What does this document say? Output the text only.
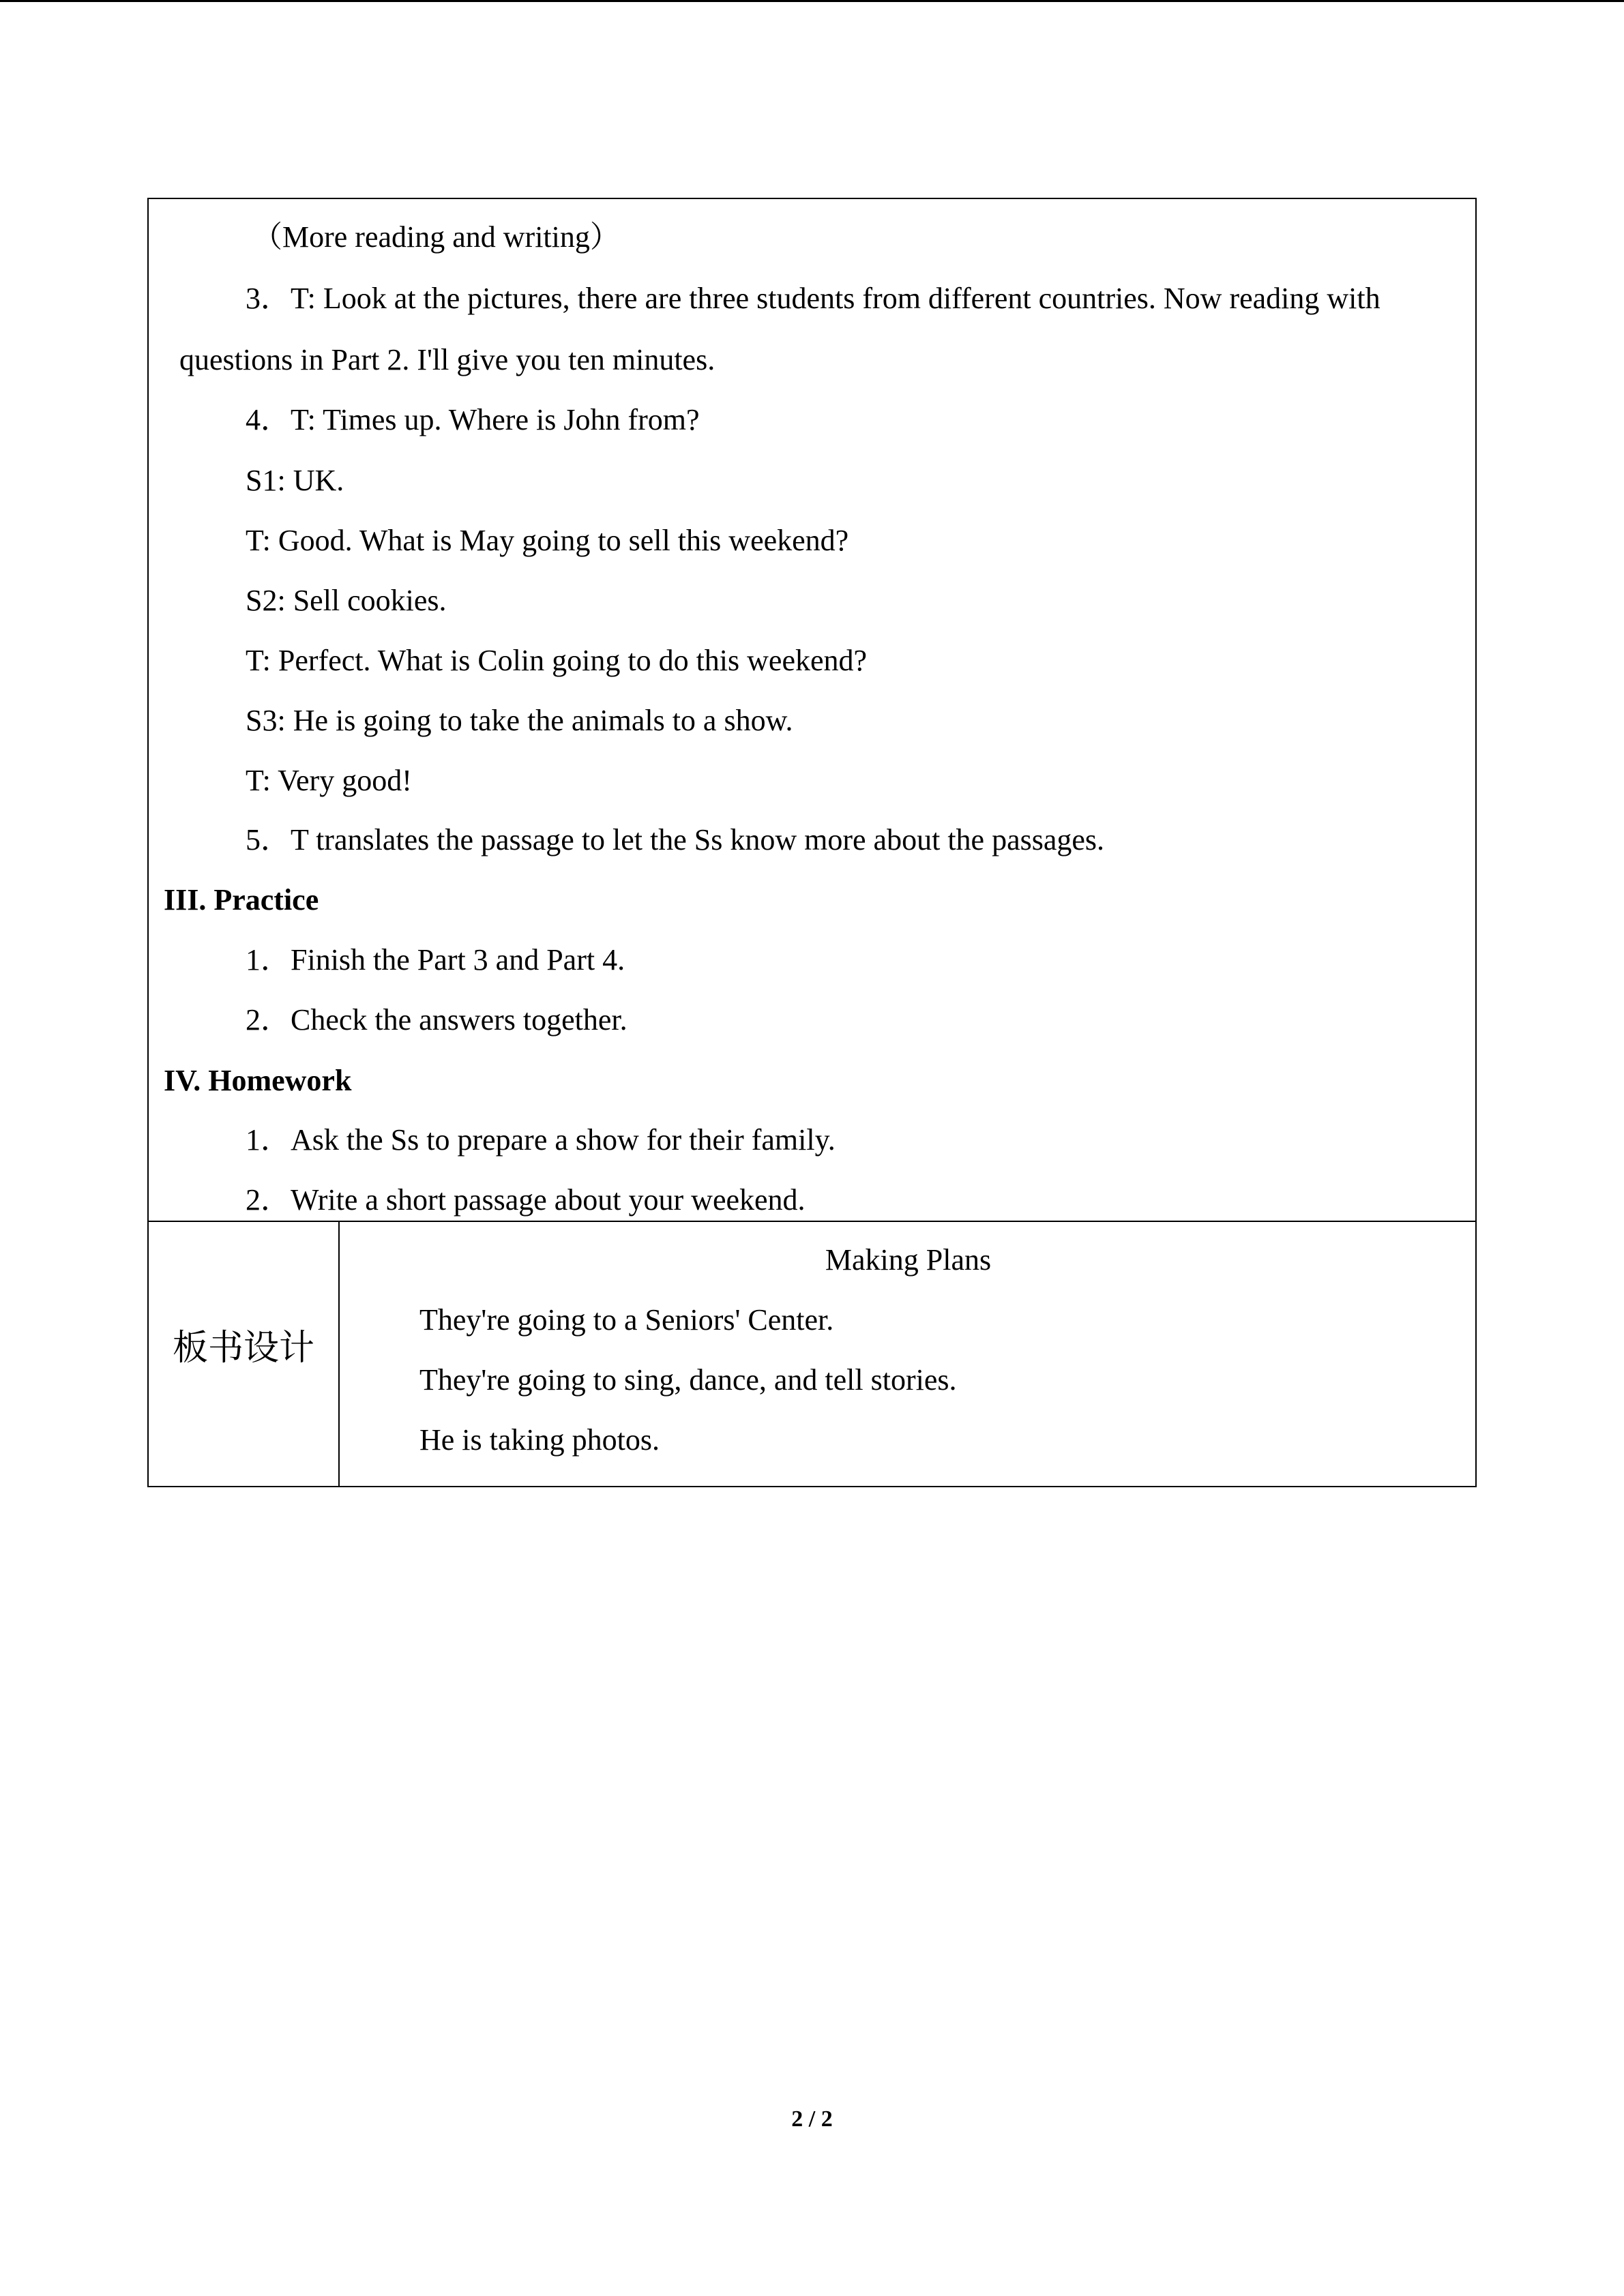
（More reading and writing）
3．T: Look at the pictures, there are three students from different countries. Now reading with
questions in Part 2. I'll give you ten minutes.
4．T: Times up. Where is John from?
S1: UK.
T: Good. What is May going to sell this weekend?
S2: Sell cookies.
T: Perfect. What is Colin going to do this weekend?
S3: He is going to take the animals to a show.
T: Very good!
5．T translates the passage to let the Ss know more about the passages.
III. Practice
1．Finish the Part 3 and Part 4.
2．Check the answers together.
IV. Homework
1．Ask the Ss to prepare a show for their family.
2．Write a short passage about your weekend.
板书设计
Making Plans
They're going to a Seniors' Center.
They're going to sing, dance, and tell stories.
He is taking photos.
2 / 2
